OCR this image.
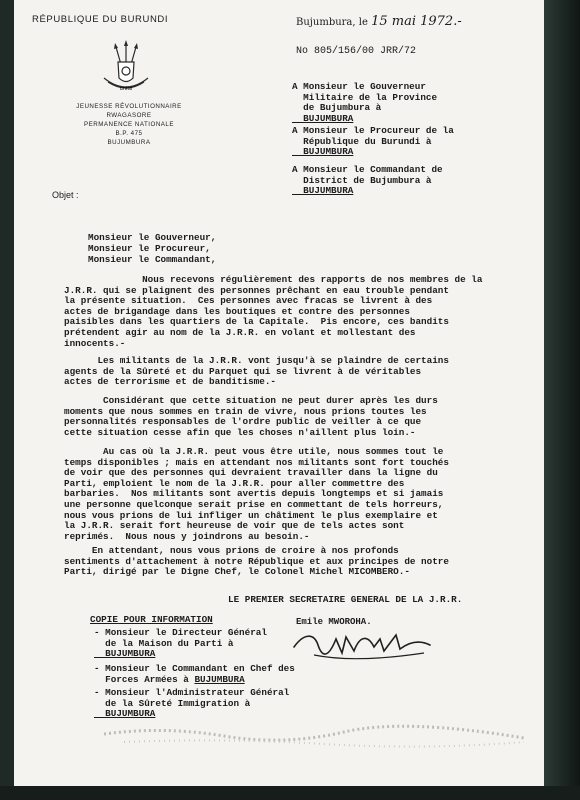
RÉPUBLIQUE DU BURUNDI
unité
JEUNESSE RÉVOLUTIONNAIRE
RWAGASORE
PERMANENCE NATIONALE
B.P. 475
BUJUMBURA
Bujumbura, le 15 mai 1972.-
No 805/156/00 JRR/72
A Monsieur le Gouverneur
Militaire de la Province
de Bujumbura à
BUJUMBURA
A Monsieur le Procureur de la
République du Burundi à
BUJUMBURA
A Monsieur le Commandant de
District de Bujumbura à
BUJUMBURA
Objet :
Monsieur le Gouverneur,
Monsieur le Procureur,
Monsieur le Commandant,
Nous recevons régulièrement des rapports de nos membres de la
J.R.R. qui se plaignent des personnes prêchant en eau trouble pendant
la présente situation.  Ces personnes avec fracas se livrent à des
actes de brigandage dans les boutiques et contre des personnes
paisibles dans les quartiers de la Capitale.  Pis encore, ces bandits
prétendent agir au nom de la J.R.R. en volant et mollestant des
innocents.-
Les militants de la J.R.R. vont jusqu'à se plaindre de certains
agents de la Sûreté et du Parquet qui se livrent à de véritables
actes de terrorisme et de banditisme.-
Considérant que cette situation ne peut durer après les durs
moments que nous sommes en train de vivre, nous prions toutes les
personnalités responsables de l'ordre public de veiller à ce que
cette situation cesse afin que les choses n'aillent plus loin.-
Au cas où la J.R.R. peut vous être utile, nous sommes tout le
temps disponibles ; mais en attendant nos militants sont fort touchés
de voir que des personnes qui devraient travailler dans la ligne du
Parti, emploient le nom de la J.R.R. pour aller commettre des
barbaries.  Nos militants sont avertis depuis longtemps et si jamais
une personne quelconque serait prise en commettant de tels horreurs,
nous vous prions de lui infliger un châtiment le plus exemplaire et
la J.R.R. serait fort heureuse de voir que de tels actes sont
reprimés.  Nous nous y joindrons au besoin.-
En attendant, nous vous prions de croire à nos profonds
sentiments d'attachement à notre République et aux principes de notre
Parti, dirigé par le Digne Chef, le Colonel Michel MICOMBERO.-
LE PREMIER SECRETAIRE GENERAL DE LA J.R.R.
Emile MWOROHA.
COPIE POUR INFORMATION
- Monsieur le Directeur Général
de la Maison du Parti à
BUJUMBURA
- Monsieur le Commandant en Chef des
Forces Armées à BUJUMBURA
- Monsieur l'Administrateur Général
de la Sûreté Immigration à
BUJUMBURA
